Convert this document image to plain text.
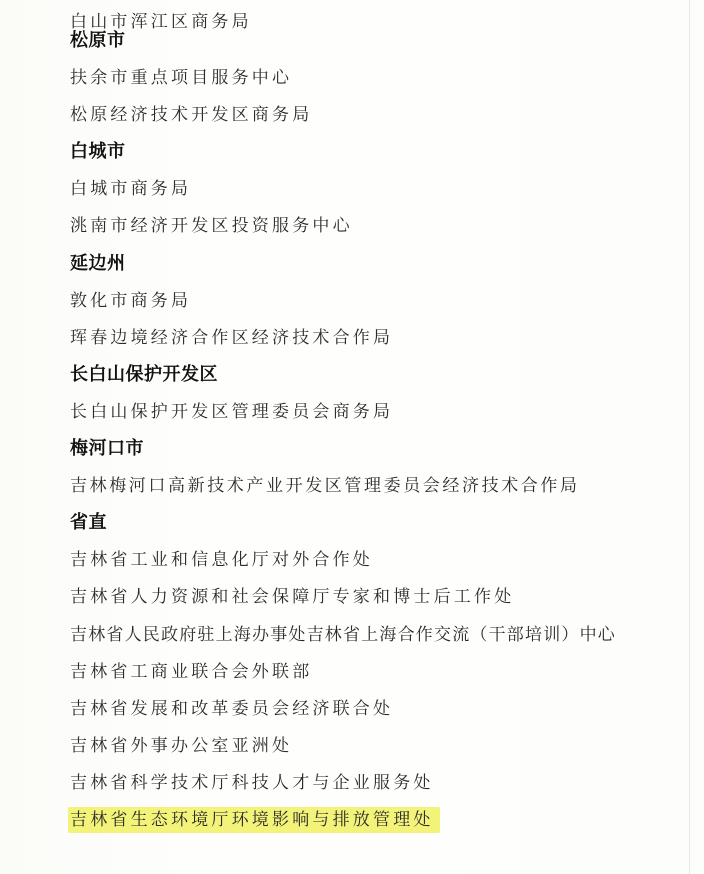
白山市浑江区商务局
松原市
扶余市重点项目服务中心
松原经济技术开发区商务局
白城市
白城市商务局
洮南市经济开发区投资服务中心
延边州
敦化市商务局
珲春边境经济合作区经济技术合作局
长白山保护开发区
长白山保护开发区管理委员会商务局
梅河口市
吉林梅河口高新技术产业开发区管理委员会经济技术合作局
省直
吉林省工业和信息化厅对外合作处
吉林省人力资源和社会保障厅专家和博士后工作处
吉林省人民政府驻上海办事处吉林省上海合作交流（干部培训）中心
吉林省工商业联合会外联部
吉林省发展和改革委员会经济联合处
吉林省外事办公室亚洲处
吉林省科学技术厅科技人才与企业服务处
吉林省生态环境厅环境影响与排放管理处
